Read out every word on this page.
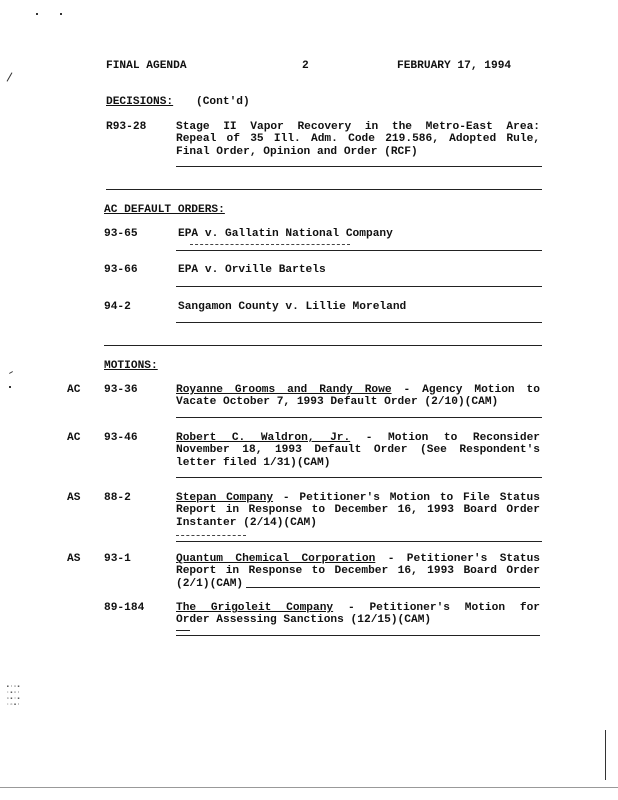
▪·▫▪
·▪▫·
▫▪·▪
·▫▪·
FINAL AGENDA	2	FEBRUARY 17, 1994
DECISIONS: (Cont'd)
R93-28	Stage II Vapor Recovery in the Metro-East Area:
Repeal of 35 Ill. Adm. Code 219.586, Adopted Rule,
Final Order, Opinion and Order (RCF)
AC DEFAULT ORDERS:
93-65	EPA v. Gallatin National Company
93-66	EPA v. Orville Bartels
94-2	Sangamon County v. Lillie Moreland
MOTIONS:
AC 93-36	Royanne Grooms and Randy Rowe - Agency Motion to
Vacate October 7, 1993 Default Order (2/10)(CAM)
AC 93-46	Robert C. Waldron, Jr. - Motion to Reconsider
November 18, 1993 Default Order (See Respondent's
letter filed 1/31)(CAM)
AS 88-2	Stepan Company - Petitioner's Motion to File Status
Report in Response to December 16, 1993 Board Order
Instanter (2/14)(CAM)
AS 93-1	Quantum Chemical Corporation - Petitioner's Status
Report in Response to December 16, 1993 Board Order
(2/1)(CAM)
89-184	The Grigoleit Company - Petitioner's Motion for
Order Assessing Sanctions (12/15)(CAM)
